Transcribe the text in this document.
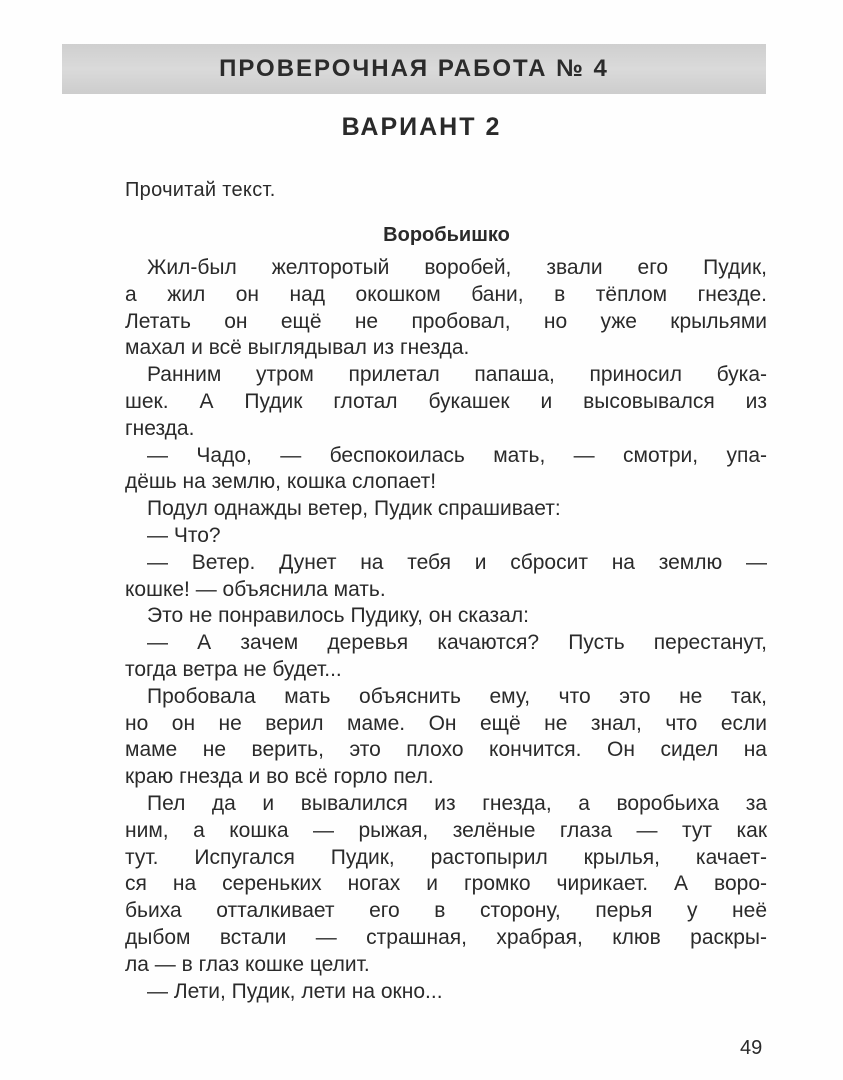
ПРОВЕРОЧНАЯ РАБОТА № 4
ВАРИАНТ 2
Прочитай текст.
Воробьишко
Жил-был желторотый воробей, звали его Пудик,
а жил он над окошком бани, в тёплом гнезде.
Летать он ещё не пробовал, но уже крыльями
махал и всё выглядывал из гнезда.
Ранним утром прилетал папаша, приносил бука-
шек. А Пудик глотал букашек и высовывался из
гнезда.
— Чадо, — беспокоилась мать, — смотри, упа-
дёшь на землю, кошка слопает!
Подул однажды ветер, Пудик спрашивает:
— Что?
— Ветер. Дунет на тебя и сбросит на землю —
кошке! — объяснила мать.
Это не понравилось Пудику, он сказал:
— А зачем деревья качаются? Пусть перестанут,
тогда ветра не будет...
Пробовала мать объяснить ему, что это не так,
но он не верил маме. Он ещё не знал, что если
маме не верить, это плохо кончится. Он сидел на
краю гнезда и во всё горло пел.
Пел да и вывалился из гнезда, а воробьиха за
ним, а кошка — рыжая, зелёные глаза — тут как
тут. Испугался Пудик, растопырил крылья, качает-
ся на сереньких ногах и громко чирикает. А воро-
бьиха отталкивает его в сторону, перья у неё
дыбом встали — страшная, храбрая, клюв раскры-
ла — в глаз кошке целит.
— Лети, Пудик, лети на окно...
49
